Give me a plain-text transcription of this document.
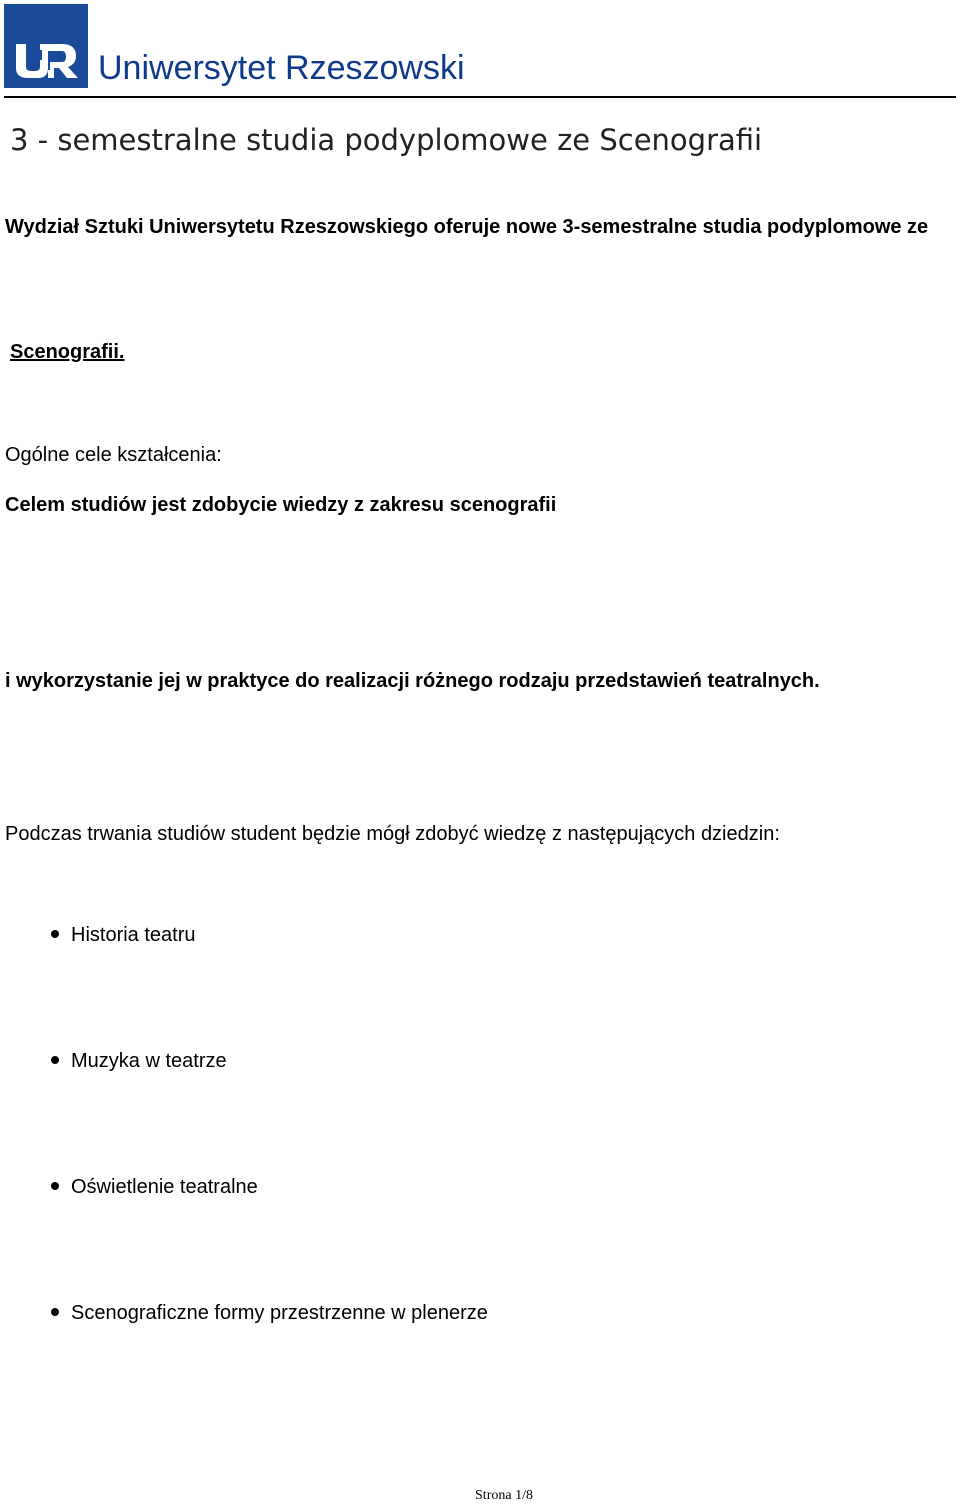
Uniwersytet Rzeszowski
3 - semestralne studia podyplomowe ze Scenografii
Wydział Sztuki Uniwersytetu Rzeszowskiego oferuje nowe 3-semestralne studia podyplomowe ze
Scenografii.
Ogólne cele kształcenia:
Celem studiów jest zdobycie wiedzy z zakresu scenografii
i wykorzystanie jej w praktyce do realizacji różnego rodzaju przedstawień teatralnych.
Podczas trwania studiów student będzie mógł zdobyć wiedzę z następujących dziedzin:
Historia teatru
Muzyka w teatrze
Oświetlenie teatralne
Scenograficzne formy przestrzenne w plenerze
Strona 1/8
